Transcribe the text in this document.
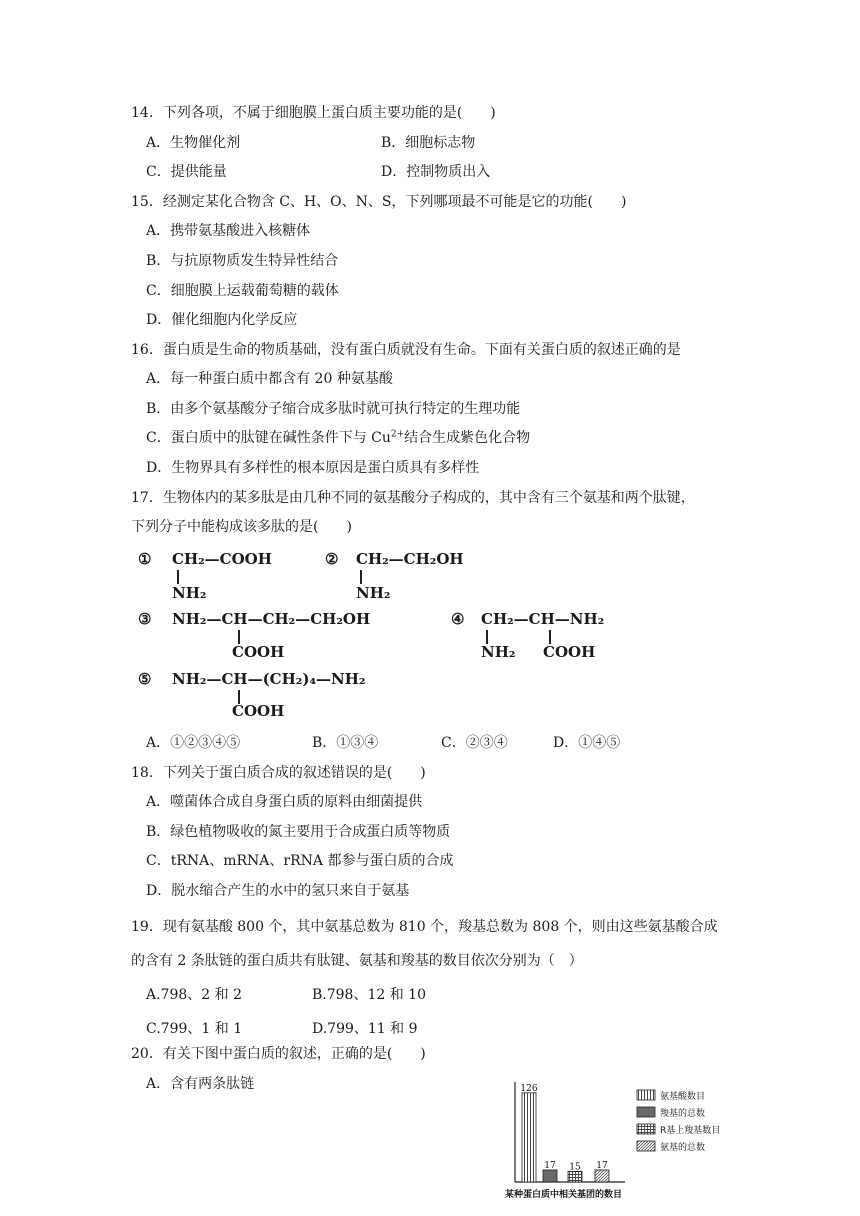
14．下列各项，不属于细胞膜上蛋白质主要功能的是(　　)
A．生物催化剂	B．细胞标志物
C．提供能量	D．控制物质出入
15．经测定某化合物含 C、H、O、N、S，下列哪项最不可能是它的功能(　　)
A．携带氨基酸进入核糖体
B．与抗原物质发生特异性结合
C．细胞膜上运载葡萄糖的载体
D．催化细胞内化学反应
16．蛋白质是生命的物质基础，没有蛋白质就没有生命。下面有关蛋白质的叙述正确的是
A．每一种蛋白质中都含有 20 种氨基酸
B．由多个氨基酸分子缩合成多肽时就可执行特定的生理功能
C．蛋白质中的肽键在碱性条件下与 $Cu^{2+}$结合生成紫色化合物
D．生物界具有多样性的根本原因是蛋白质具有多样性
17．生物体内的某多肽是由几种不同的氨基酸分子构成的，其中含有三个氨基和两个肽键，
下列分子中能构成该多肽的是(　　)
① CH₂—COOH
NH₂
② CH₂—CH₂OH
NH₂
③ NH₂—CH—CH₂—CH₂OH
COOH
④ CH₂—CH—NH₂
NH₂ COOH
⑤ NH₂—CH—(CH₂)₄—NH₂
COOH
A．①②③④⑤	B．①③④	C．②③④	D．①④⑤
18．下列关于蛋白质合成的叙述错误的是(　　)
A．噬菌体合成自身蛋白质的原料由细菌提供
B．绿色植物吸收的氮主要用于合成蛋白质等物质
C．tRNA、mRNA、rRNA 都参与蛋白质的合成
D．脱水缩合产生的水中的氢只来自于氨基
19．现有氨基酸 800 个，其中氨基总数为 810 个，羧基总数为 808 个，则由这些氨基酸合成
的含有 2 条肽链的蛋白质共有肽键、氨基和羧基的数目依次分别为（　）
A.798、2 和 2	B.798、12 和 10
C.799、1 和 1	D.799、11 和 9
20．有关下图中蛋白质的叙述，正确的是(　　)
A．含有两条肽链	126
17 15 17
氨基酸数目
羧基的总数
R基上羧基数目
氨基的总数
某种蛋白质中相关基团的数目
